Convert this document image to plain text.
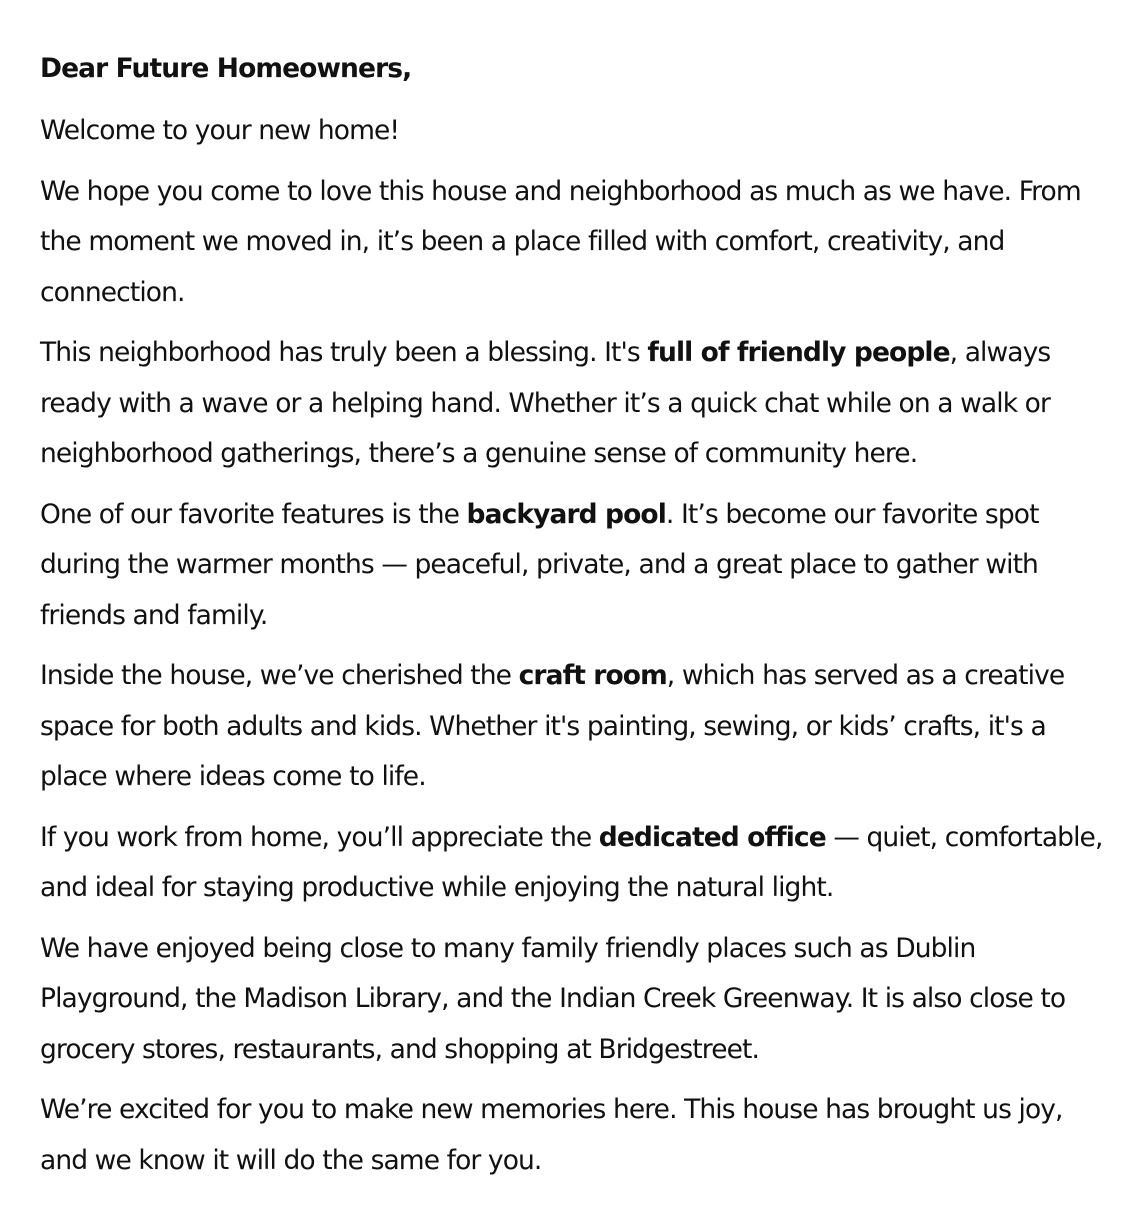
Dear Future Homeowners,
Welcome to your new home!
We hope you come to love this house and neighborhood as much as we have. From the moment we moved in, it’s been a place filled with comfort, creativity, and connection.
This neighborhood has truly been a blessing. It's full of friendly people, always ready with a wave or a helping hand. Whether it’s a quick chat while on a walk or neighborhood gatherings, there’s a genuine sense of community here.
One of our favorite features is the backyard pool. It’s become our favorite spot during the warmer months — peaceful, private, and a great place to gather with friends and family.
Inside the house, we’ve cherished the craft room, which has served as a creative space for both adults and kids. Whether it's painting, sewing, or kids’ crafts, it's a place where ideas come to life.
If you work from home, you’ll appreciate the dedicated office — quiet, comfortable, and ideal for staying productive while enjoying the natural light.
We have enjoyed being close to many family friendly places such as Dublin Playground, the Madison Library, and the Indian Creek Greenway. It is also close to grocery stores, restaurants, and shopping at Bridgestreet.
We’re excited for you to make new memories here. This house has brought us joy, and we know it will do the same for you.
